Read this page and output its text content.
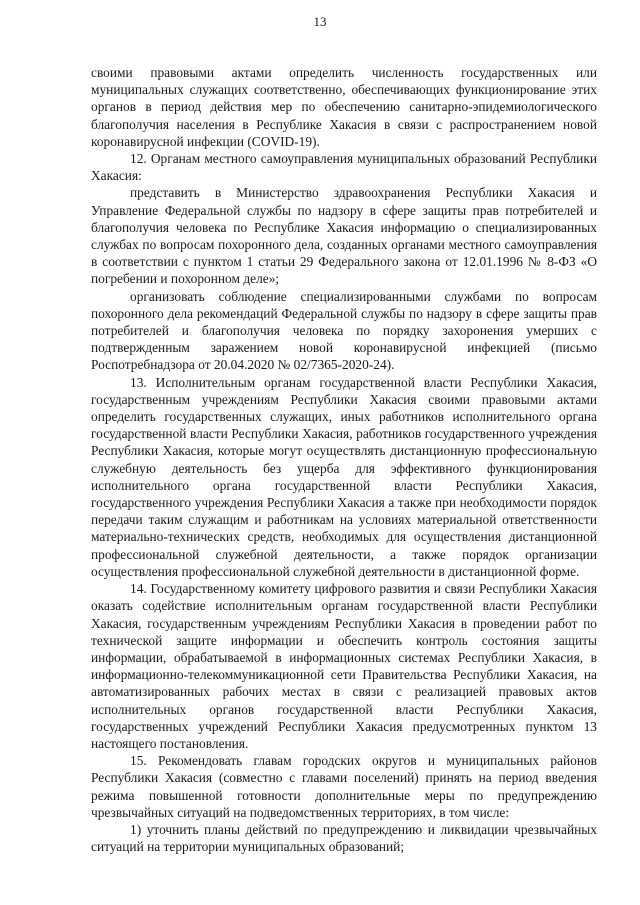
13

своими правовыми актами определить численность государственных или муниципальных служащих соответственно, обеспечивающих функционирование этих органов в период действия мер по обеспечению санитарно-эпидемиологического благополучия населения в Республике Хакасия в связи с распространением новой коронавирусной инфекции (COVID-19).

12. Органам местного самоуправления муниципальных образований Республики Хакасия:

представить в Министерство здравоохранения Республики Хакасия и Управление Федеральной службы по надзору в сфере защиты прав потребителей и благополучия человека по Республике Хакасия информацию о специализированных службах по вопросам похоронного дела, созданных органами местного самоуправления в соответствии с пунктом 1 статьи 29 Федерального закона от 12.01.1996 № 8-ФЗ «О погребении и похоронном деле»;

организовать соблюдение специализированными службами по вопросам похоронного дела рекомендаций Федеральной службы по надзору в сфере защиты прав потребителей и благополучия человека по порядку захоронения умерших с подтвержденным заражением новой коронавирусной инфекцией (письмо Роспотребнадзора от 20.04.2020 № 02/7365-2020-24).

13. Исполнительным органам государственной власти Республики Хакасия, государственным учреждениям Республики Хакасия своими правовыми актами определить государственных служащих, иных работников исполнительного органа государственной власти Республики Хакасия, работников государственного учреждения Республики Хакасия, которые могут осуществлять дистанционную профессиональную служебную деятельность без ущерба для эффективного функционирования исполнительного органа государственной власти Республики Хакасия, государственного учреждения Республики Хакасия а также при необходимости порядок передачи таким служащим и работникам на условиях материальной ответственности материально-технических средств, необходимых для осуществления дистанционной профессиональной служебной деятельности, а также порядок организации осуществления профессиональной служебной деятельности в дистанционной форме.

14. Государственному комитету цифрового развития и связи Республики Хакасия оказать содействие исполнительным органам государственной власти Республики Хакасия, государственным учреждениям Республики Хакасия в проведении работ по технической защите информации и обеспечить контроль состояния защиты информации, обрабатываемой в информационных системах Республики Хакасия, в информационно-телекоммуникационной сети Правительства Республики Хакасия, на автоматизированных рабочих местах в связи с реализацией правовых актов исполнительных органов государственной власти Республики Хакасия, государственных учреждений Республики Хакасия предусмотренных пунктом 13 настоящего постановления.

15. Рекомендовать главам городских округов и муниципальных районов Республики Хакасия (совместно с главами поселений) принять на период введения режима повышенной готовности дополнительные меры по предупреждению чрезвычайных ситуаций на подведомственных территориях, в том числе:

1) уточнить планы действий по предупреждению и ликвидации чрезвычайных ситуаций на территории муниципальных образований;
